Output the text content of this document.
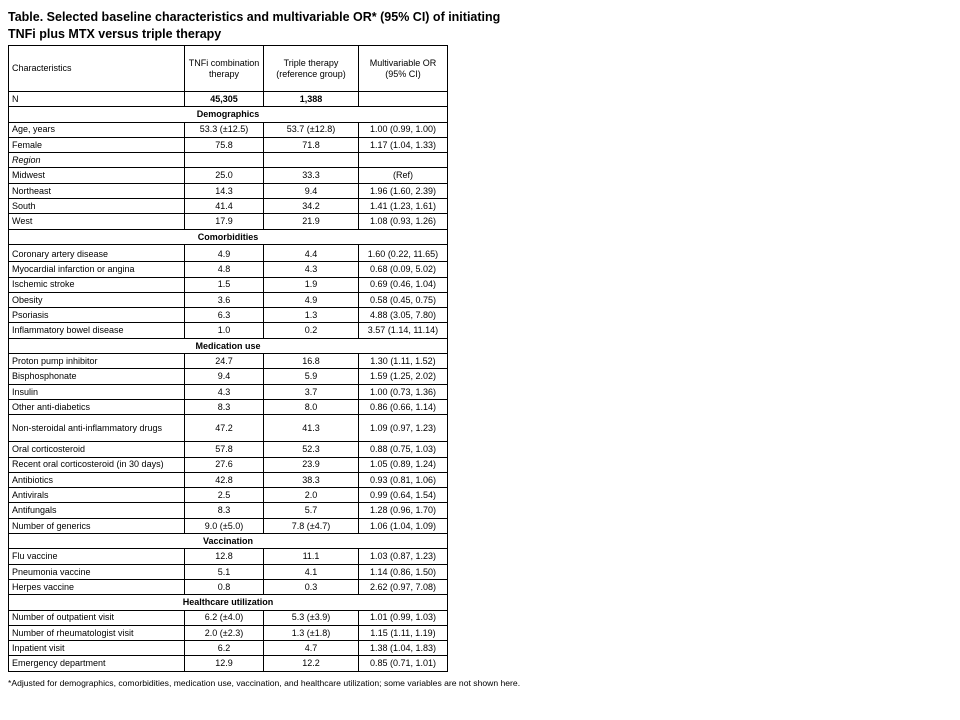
Table. Selected baseline characteristics and multivariable OR* (95% CI) of initiating TNFi plus MTX versus triple therapy
Characteristics	TNFi combination therapy	Triple therapy (reference group)	Multivariable OR (95% CI)
N	45,305	1,388	
Demographics			
Age, years	53.3 (±12.5)	53.7 (±12.8)	1.00 (0.99, 1.00)
Female	75.8	71.8	1.17 (1.04, 1.33)
Region			
Midwest	25.0	33.3	(Ref)
Northeast	14.3	9.4	1.96 (1.60, 2.39)
South	41.4	34.2	1.41 (1.23, 1.61)
West	17.9	21.9	1.08 (0.93, 1.26)
Comorbidities			
Coronary artery disease	4.9	4.4	1.60 (0.22, 11.65)
Myocardial infarction or angina	4.8	4.3	0.68 (0.09, 5.02)
Ischemic stroke	1.5	1.9	0.69 (0.46, 1.04)
Obesity	3.6	4.9	0.58 (0.45, 0.75)
Psoriasis	6.3	1.3	4.88 (3.05, 7.80)
Inflammatory bowel disease	1.0	0.2	3.57 (1.14, 11.14)
Medication use			
Proton pump inhibitor	24.7	16.8	1.30 (1.11, 1.52)
Bisphosphonate	9.4	5.9	1.59 (1.25, 2.02)
Insulin	4.3	3.7	1.00 (0.73, 1.36)
Other anti-diabetics	8.3	8.0	0.86 (0.66, 1.14)
Non-steroidal anti-inflammatory drugs	47.2	41.3	1.09 (0.97, 1.23)
Oral corticosteroid	57.8	52.3	0.88 (0.75, 1.03)
Recent oral corticosteroid (in 30 days)	27.6	23.9	1.05 (0.89, 1.24)
Antibiotics	42.8	38.3	0.93 (0.81, 1.06)
Antivirals	2.5	2.0	0.99 (0.64, 1.54)
Antifungals	8.3	5.7	1.28 (0.96, 1.70)
Number of generics	9.0 (±5.0)	7.8 (±4.7)	1.06 (1.04, 1.09)
Vaccination			
Flu vaccine	12.8	11.1	1.03 (0.87, 1.23)
Pneumonia vaccine	5.1	4.1	1.14 (0.86, 1.50)
Herpes vaccine	0.8	0.3	2.62 (0.97, 7.08)
Healthcare utilization			
Number of outpatient visit	6.2 (±4.0)	5.3 (±3.9)	1.01 (0.99, 1.03)
Number of rheumatologist visit	2.0 (±2.3)	1.3 (±1.8)	1.15 (1.11, 1.19)
Inpatient visit	6.2	4.7	1.38 (1.04, 1.83)
Emergency department	12.9	12.2	0.85 (0.71, 1.01)
*Adjusted for demographics, comorbidities, medication use, vaccination, and healthcare utilization; some variables are not shown here.
